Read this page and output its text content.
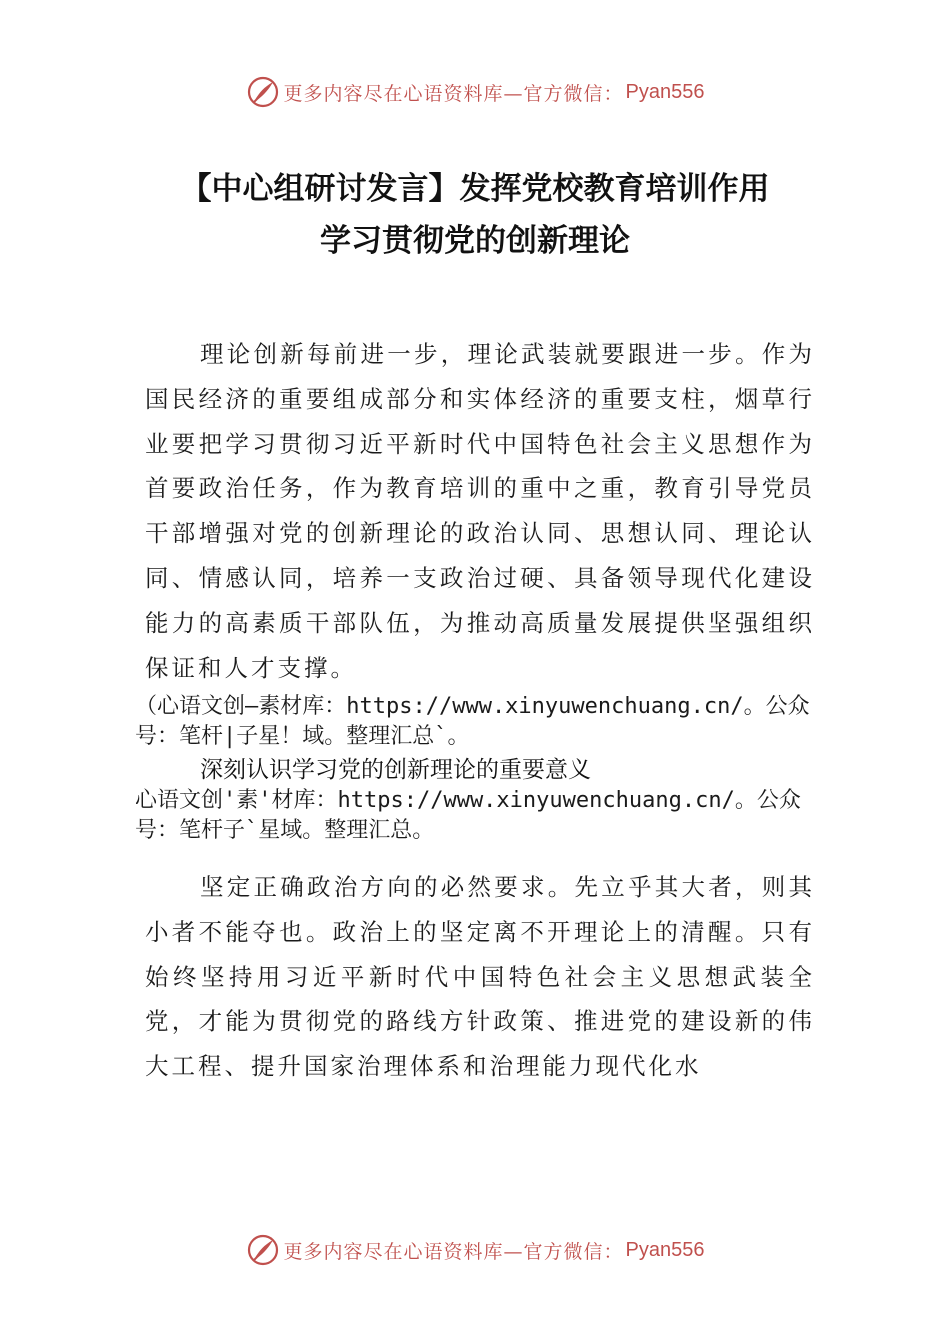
更多内容尽在心语资料库—官方微信： Pyan556
【中心组研讨发言】发挥党校教育培训作用
学习贯彻党的创新理论
理论创新每前进一步，理论武装就要跟进一步。作为国民经济的重要组成部分和实体经济的重要支柱，烟草行业要把学习贯彻习近平新时代中国特色社会主义思想作为首要政治任务，作为教育培训的重中之重，教育引导党员干部增强对党的创新理论的政治认同、思想认同、理论认同、情感认同，培养一支政治过硬、具备领导现代化建设能力的高素质干部队伍，为推动高质量发展提供坚强组织保证和人才支撑。
（心语文创—素材库：https://www.xinyuwenchuang.cn/。公众号：笔杆|子星！域。整理汇总`。
深刻认识学习党的创新理论的重要意义
心语文创'素'材库：https://www.xinyuwenchuang.cn/。公众号：笔杆子`星域。整理汇总。
坚定正确政治方向的必然要求。先立乎其大者，则其小者不能夺也。政治上的坚定离不开理论上的清醒。只有始终坚持用习近平新时代中国特色社会主义思想武装全党，才能为贯彻党的路线方针政策、推进党的建设新的伟大工程、提升国家治理体系和治理能力现代化水
更多内容尽在心语资料库—官方微信： Pyan556
